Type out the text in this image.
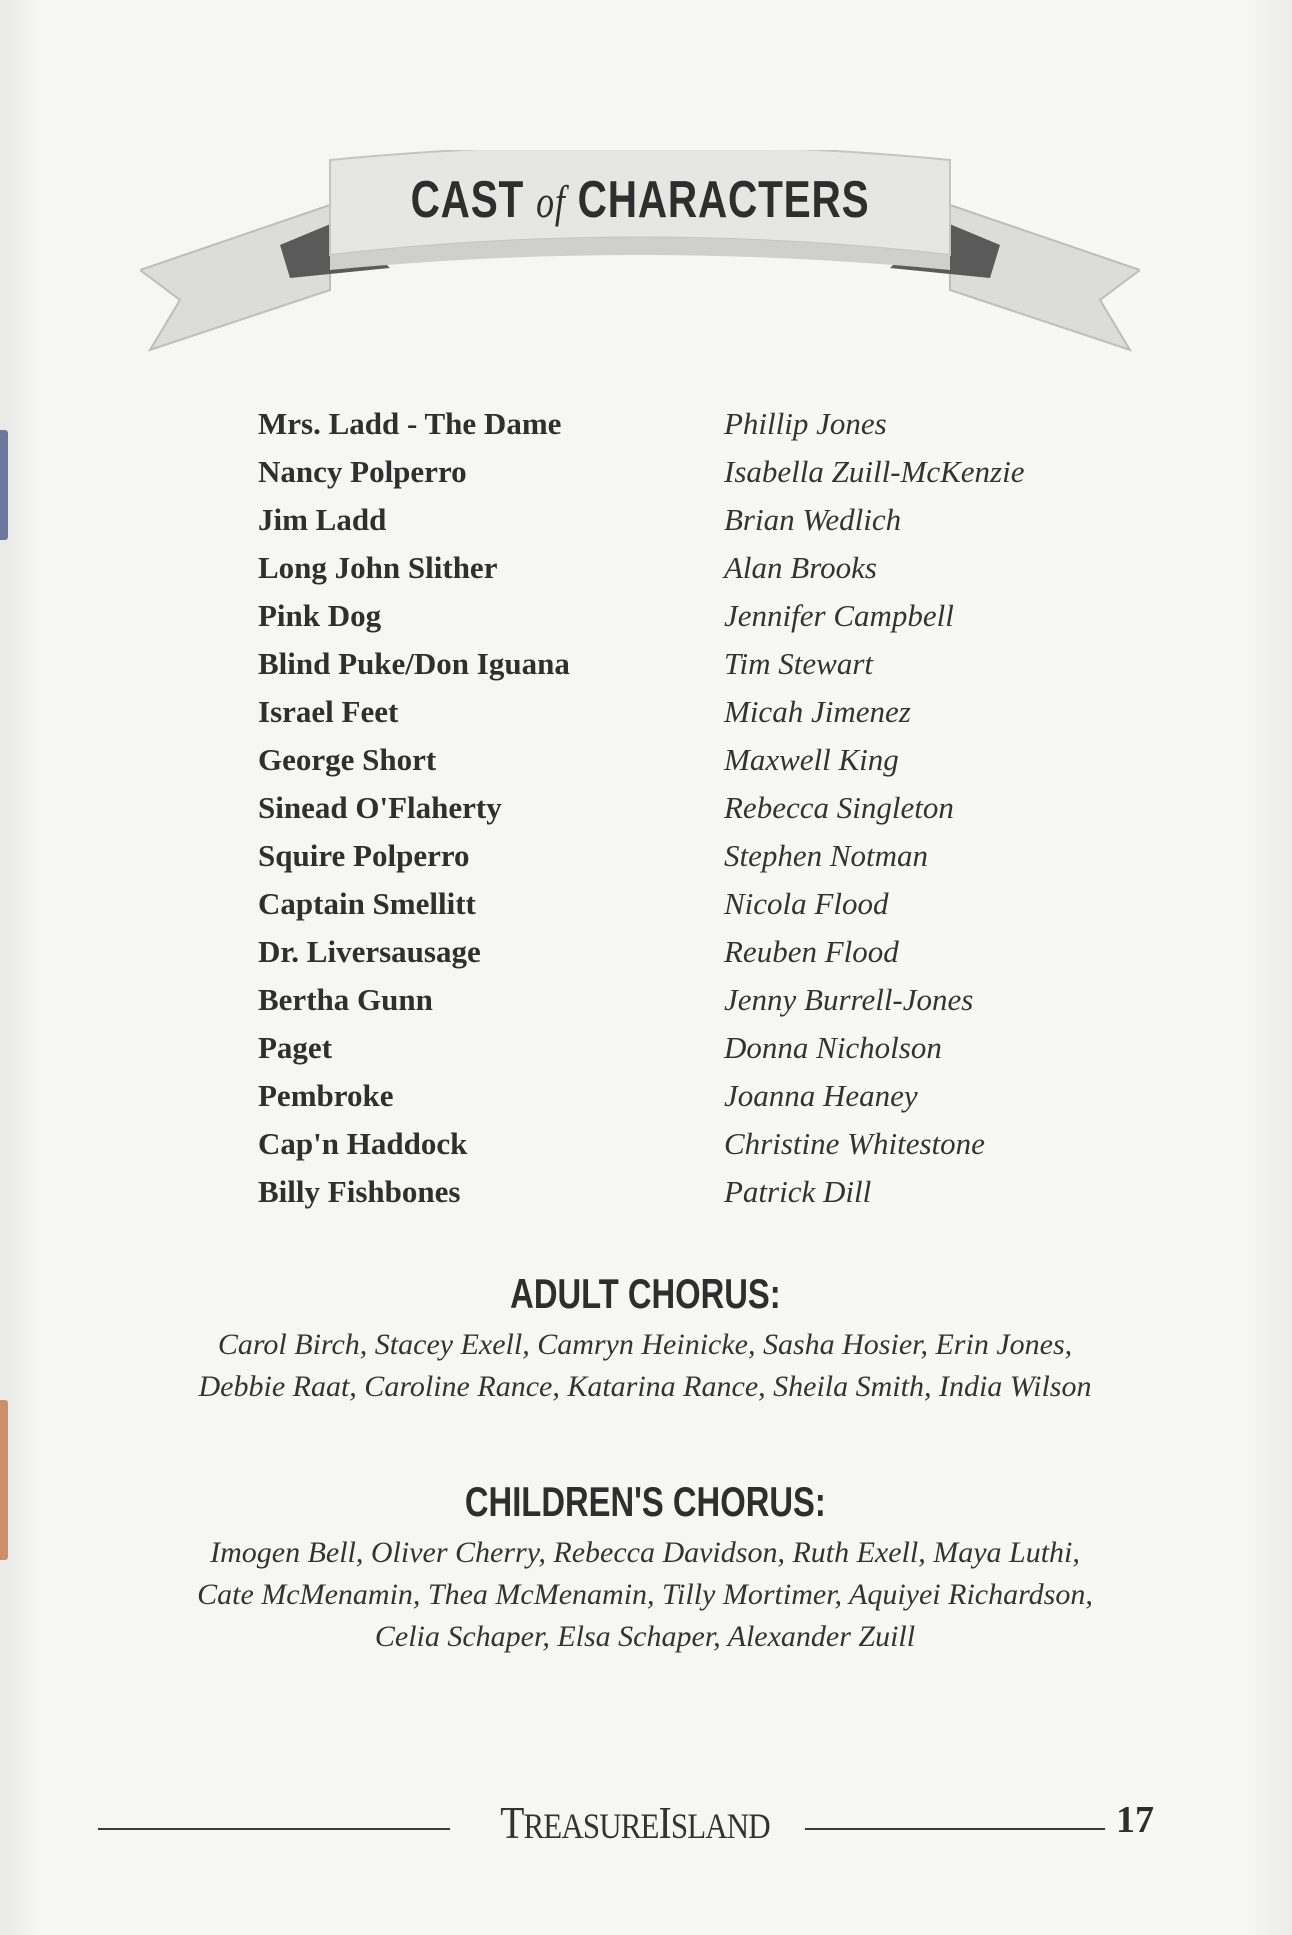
CAST of CHARACTERS
Mrs. Ladd - The Dame	Phillip Jones
Nancy Polperro	Isabella Zuill-McKenzie
Jim Ladd	Brian Wedlich
Long John Slither	Alan Brooks
Pink Dog	Jennifer Campbell
Blind Puke/Don Iguana	Tim Stewart
Israel Feet	Micah Jimenez
George Short	Maxwell King
Sinead O'Flaherty	Rebecca Singleton
Squire Polperro	Stephen Notman
Captain Smellitt	Nicola Flood
Dr. Liversausage	Reuben Flood
Bertha Gunn	Jenny Burrell-Jones
Paget	Donna Nicholson
Pembroke	Joanna Heaney
Cap'n Haddock	Christine Whitestone
Billy Fishbones	Patrick Dill
ADULT CHORUS:
Carol Birch, Stacey Exell, Camryn Heinicke, Sasha Hosier, Erin Jones,
Debbie Raat, Caroline Rance, Katarina Rance, Sheila Smith, India Wilson
CHILDREN'S CHORUS:
Imogen Bell, Oliver Cherry, Rebecca Davidson, Ruth Exell, Maya Luthi,
Cate McMenamin, Thea McMenamin, Tilly Mortimer, Aquiyei Richardson,
Celia Schaper, Elsa Schaper, Alexander Zuill
TREASUREISLAND	17
